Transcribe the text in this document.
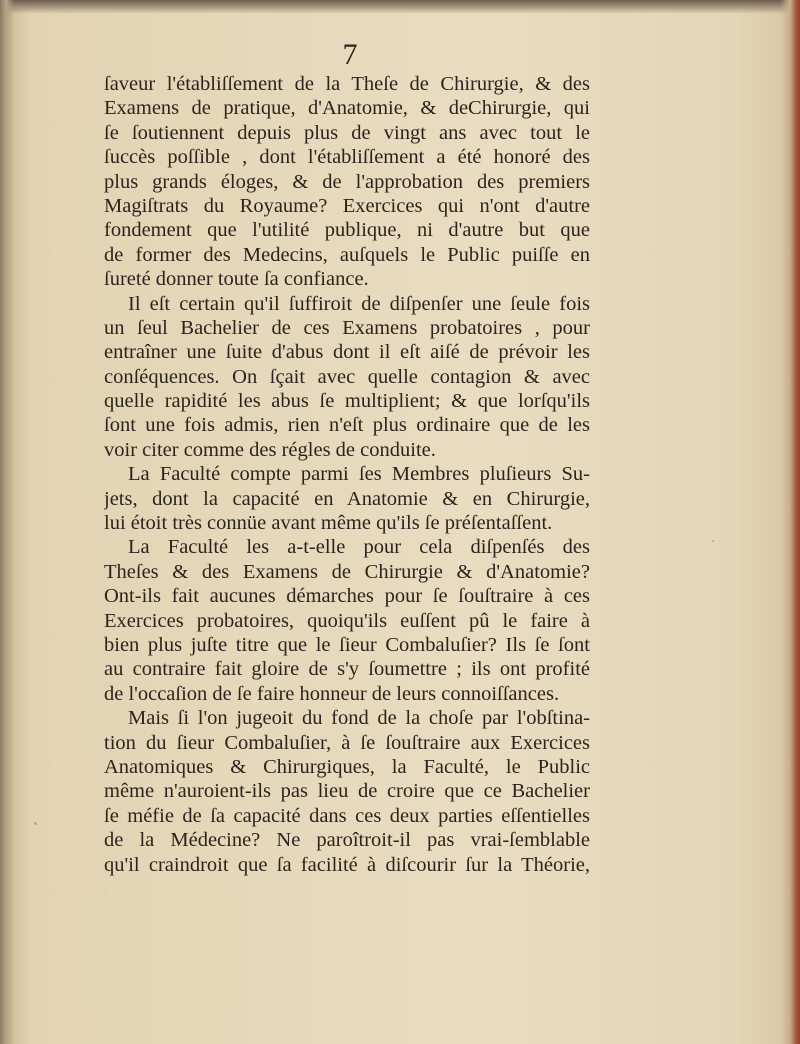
7
ſaveur l'établiſſement de la Theſe de Chirurgie, & des
Examens de pratique, d'Anatomie, & deChirurgie, qui
ſe ſoutiennent depuis plus de vingt ans avec tout le
ſuccès poſſible , dont l'établiſſement a été honoré des
plus grands éloges, & de l'approbation des premiers
Magiſtrats du Royaume? Exercices qui n'ont d'autre
fondement que l'utilité publique, ni d'autre but que
de former des Medecins, auſquels le Public puiſſe en
ſureté donner toute ſa confiance.
Il eſt certain qu'il ſuffiroit de diſpenſer une ſeule fois
un ſeul Bachelier de ces Examens probatoires , pour
entraîner une ſuite d'abus dont il eſt aiſé de prévoir les
conſéquences. On ſçait avec quelle contagion & avec
quelle rapidité les abus ſe multiplient; & que lorſqu'ils
ſont une fois admis, rien n'eſt plus ordinaire que de les
voir citer comme des régles de conduite.
La Faculté compte parmi ſes Membres pluſieurs Su-
jets, dont la capacité en Anatomie & en Chirurgie,
lui étoit très connüe avant même qu'ils ſe préſentaſſent.
La Faculté les a-t-elle pour cela diſpenſés des
Theſes & des Examens de Chirurgie & d'Anatomie?
Ont-ils fait aucunes démarches pour ſe ſouſtraire à ces
Exercices probatoires, quoiqu'ils euſſent pû le faire à
bien plus juſte titre que le ſieur Combaluſier? Ils ſe ſont
au contraire fait gloire de s'y ſoumettre ; ils ont profité
de l'occaſion de ſe faire honneur de leurs connoiſſances.
Mais ſi l'on jugeoit du fond de la choſe par l'obſtina-
tion du ſieur Combaluſier, à ſe ſouſtraire aux Exercices
Anatomiques & Chirurgiques, la Faculté, le Public
même n'auroient-ils pas lieu de croire que ce Bachelier
ſe méfie de ſa capacité dans ces deux parties eſſentielles
de la Médecine? Ne paroîtroit-il pas vrai-ſemblable
qu'il craindroit que ſa facilité à diſcourir ſur la Théorie,
